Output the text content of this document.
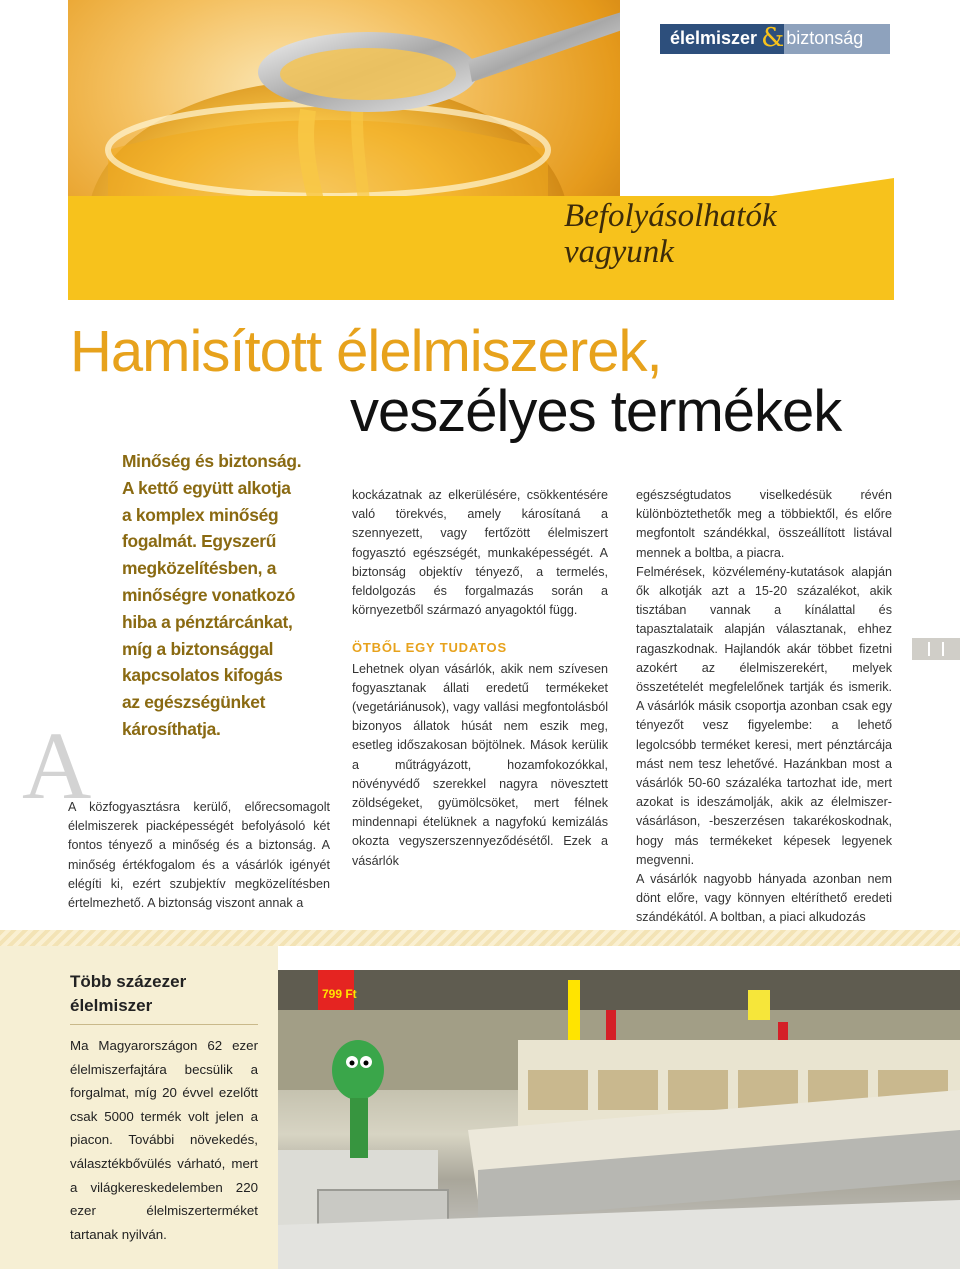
élelmiszer & biztonság
Befolyásolhatók vagyunk
Hamisított élelmiszerek,
veszélyes termékek
Minőség és biztonság. A kettő együtt alkotja a komplex minőség fogalmát. Egyszerű megközelítésben, a minőségre vonatkozó hiba a pénztárcánkat, míg a biztonsággal kapcsolatos kifogás az egészségünket károsíthatja.
A

A közfogyasztásra kerülő, előrecsomagolt élelmiszerek piacképességét befolyásoló két fontos tényező a minőség és a biztonság. A minőség értékfogalom és a vásárlók igényét elégíti ki, ezért szubjektív megközelítésben értelmezhető. A biztonság viszont annak a

kockázatnak az elkerülésére, csökkentésére való törekvés, amely károsítaná a szennyezett, vagy fertőzött élelmiszert fogyasztó egészségét, munkaképességét. A biztonság objektív tényező, a termelés, feldolgozás és forgalmazás során a környezetből származó anyagoktól függ.

ÖTBŐL EGY TUDATOS

Lehetnek olyan vásárlók, akik nem szívesen fogyasztanak állati eredetű termékeket (vegetáriánusok), vagy vallási megfontolásból bizonyos állatok húsát nem eszik meg, esetleg időszakosan böjtölnek. Mások kerülik a műtrágyázott, hozamfokozókkal, növényvédő szerekkel nagyra növesztett zöldségeket, gyümölcsöket, mert félnek mindennapi ételüknek a nagyfokú kemizálás okozta vegyszerszennyeződésétől. Ezek a vásárlók

egészségtudatos viselkedésük révén különböztethetők meg a többiektől, és előre megfontolt szándékkal, összeállított listával mennek a boltba, a piacra.

Felmérések, közvélemény-kutatások alapján ők alkotják azt a 15-20 százalékot, akik tisztában vannak a kínálattal és tapasztalataik alapján választanak, ehhez ragaszkodnak. Hajlandók akár többet fizetni azokért az élelmiszerekért, melyek összetételét megfelelőnek tartják és ismerik. A vásárlók másik csoportja azonban csak egy tényezőt vesz figyelembe: a lehető legolcsóbb terméket keresi, mert pénztárcája mást nem tesz lehetővé. Hazánkban most a vásárlók 50-60 százaléka tartozhat ide, mert azokat is ideszámolják, akik az élelmiszer-vásárláson, -beszerzésen takarékoskodnak, hogy más termékeket képesek legyenek megvenni.

A vásárlók nagyobb hányada azonban nem dönt előre, vagy könnyen eltéríthető eredeti szándékától. A boltban, a piaci alkudozás

Több százezer élelmiszer
Ma Magyarországon 62 ezer élelmiszerfajtára becsülik a forgalmat, míg 20 évvel ezelőtt csak 5000 termék volt jelen a piacon. További növekedés, választékbővülés várható, mert a világkereskedelemben 220 ezer élelmiszerterméket tartanak nyilván.
799 Ft
